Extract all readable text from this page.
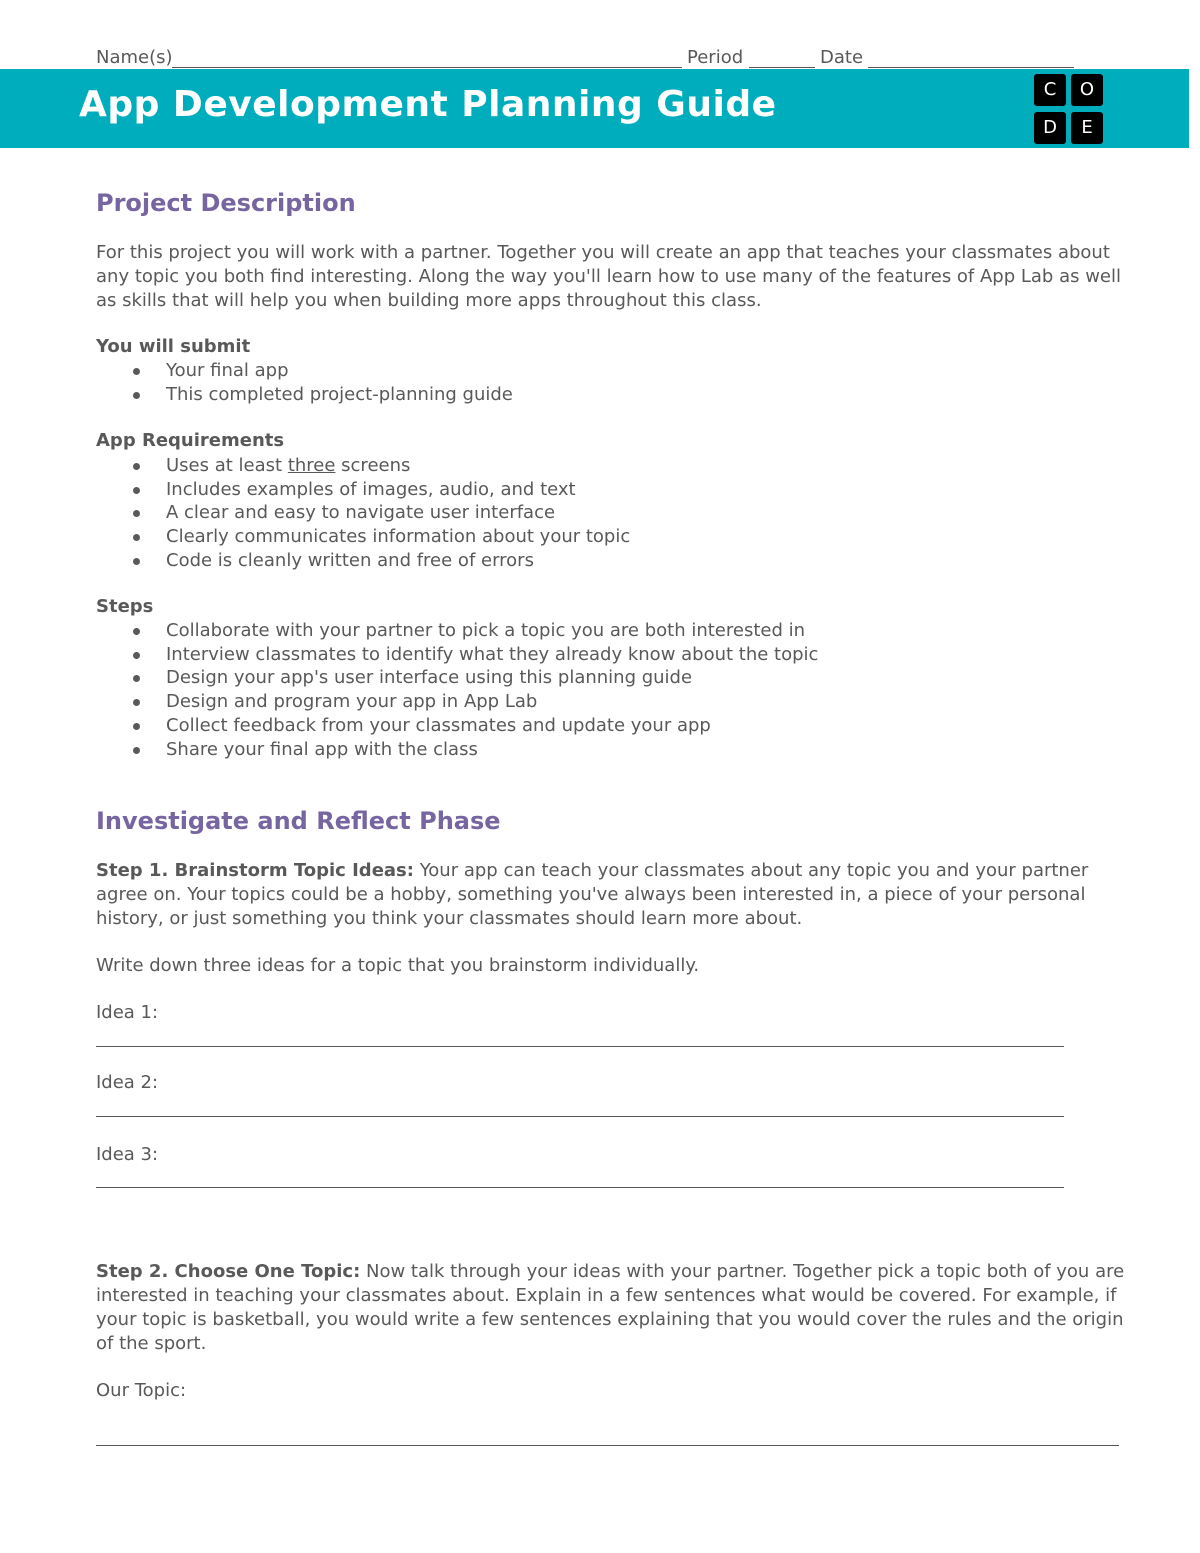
Name(s)	Period	Date
App Development Planning Guide	C	O
D	E
Project Description
For this project you will work with a partner. Together you will create an app that teaches your classmates about any topic you both find interesting. Along the way you'll learn how to use many of the features of App Lab as well as skills that will help you when building more apps throughout this class.
You will submit
Your final app
This completed project-planning guide
App Requirements
Uses at least three screens
Includes examples of images, audio, and text
A clear and easy to navigate user interface
Clearly communicates information about your topic
Code is cleanly written and free of errors
Steps
Collaborate with your partner to pick a topic you are both interested in
Interview classmates to identify what they already know about the topic
Design your app's user interface using this planning guide
Design and program your app in App Lab
Collect feedback from your classmates and update your app
Share your final app with the class
Investigate and Reflect Phase
Step 1. Brainstorm Topic Ideas: Your app can teach your classmates about any topic you and your partner agree on. Your topics could be a hobby, something you've always been interested in, a piece of your personal history, or just something you think your classmates should learn more about.
Write down three ideas for a topic that you brainstorm individually.
Idea 1:
Idea 2:
Idea 3:
Step 2. Choose One Topic: Now talk through your ideas with your partner. Together pick a topic both of you are interested in teaching your classmates about. Explain in a few sentences what would be covered. For example, if your topic is basketball, you would write a few sentences explaining that you would cover the rules and the origin of the sport.
Our Topic:
